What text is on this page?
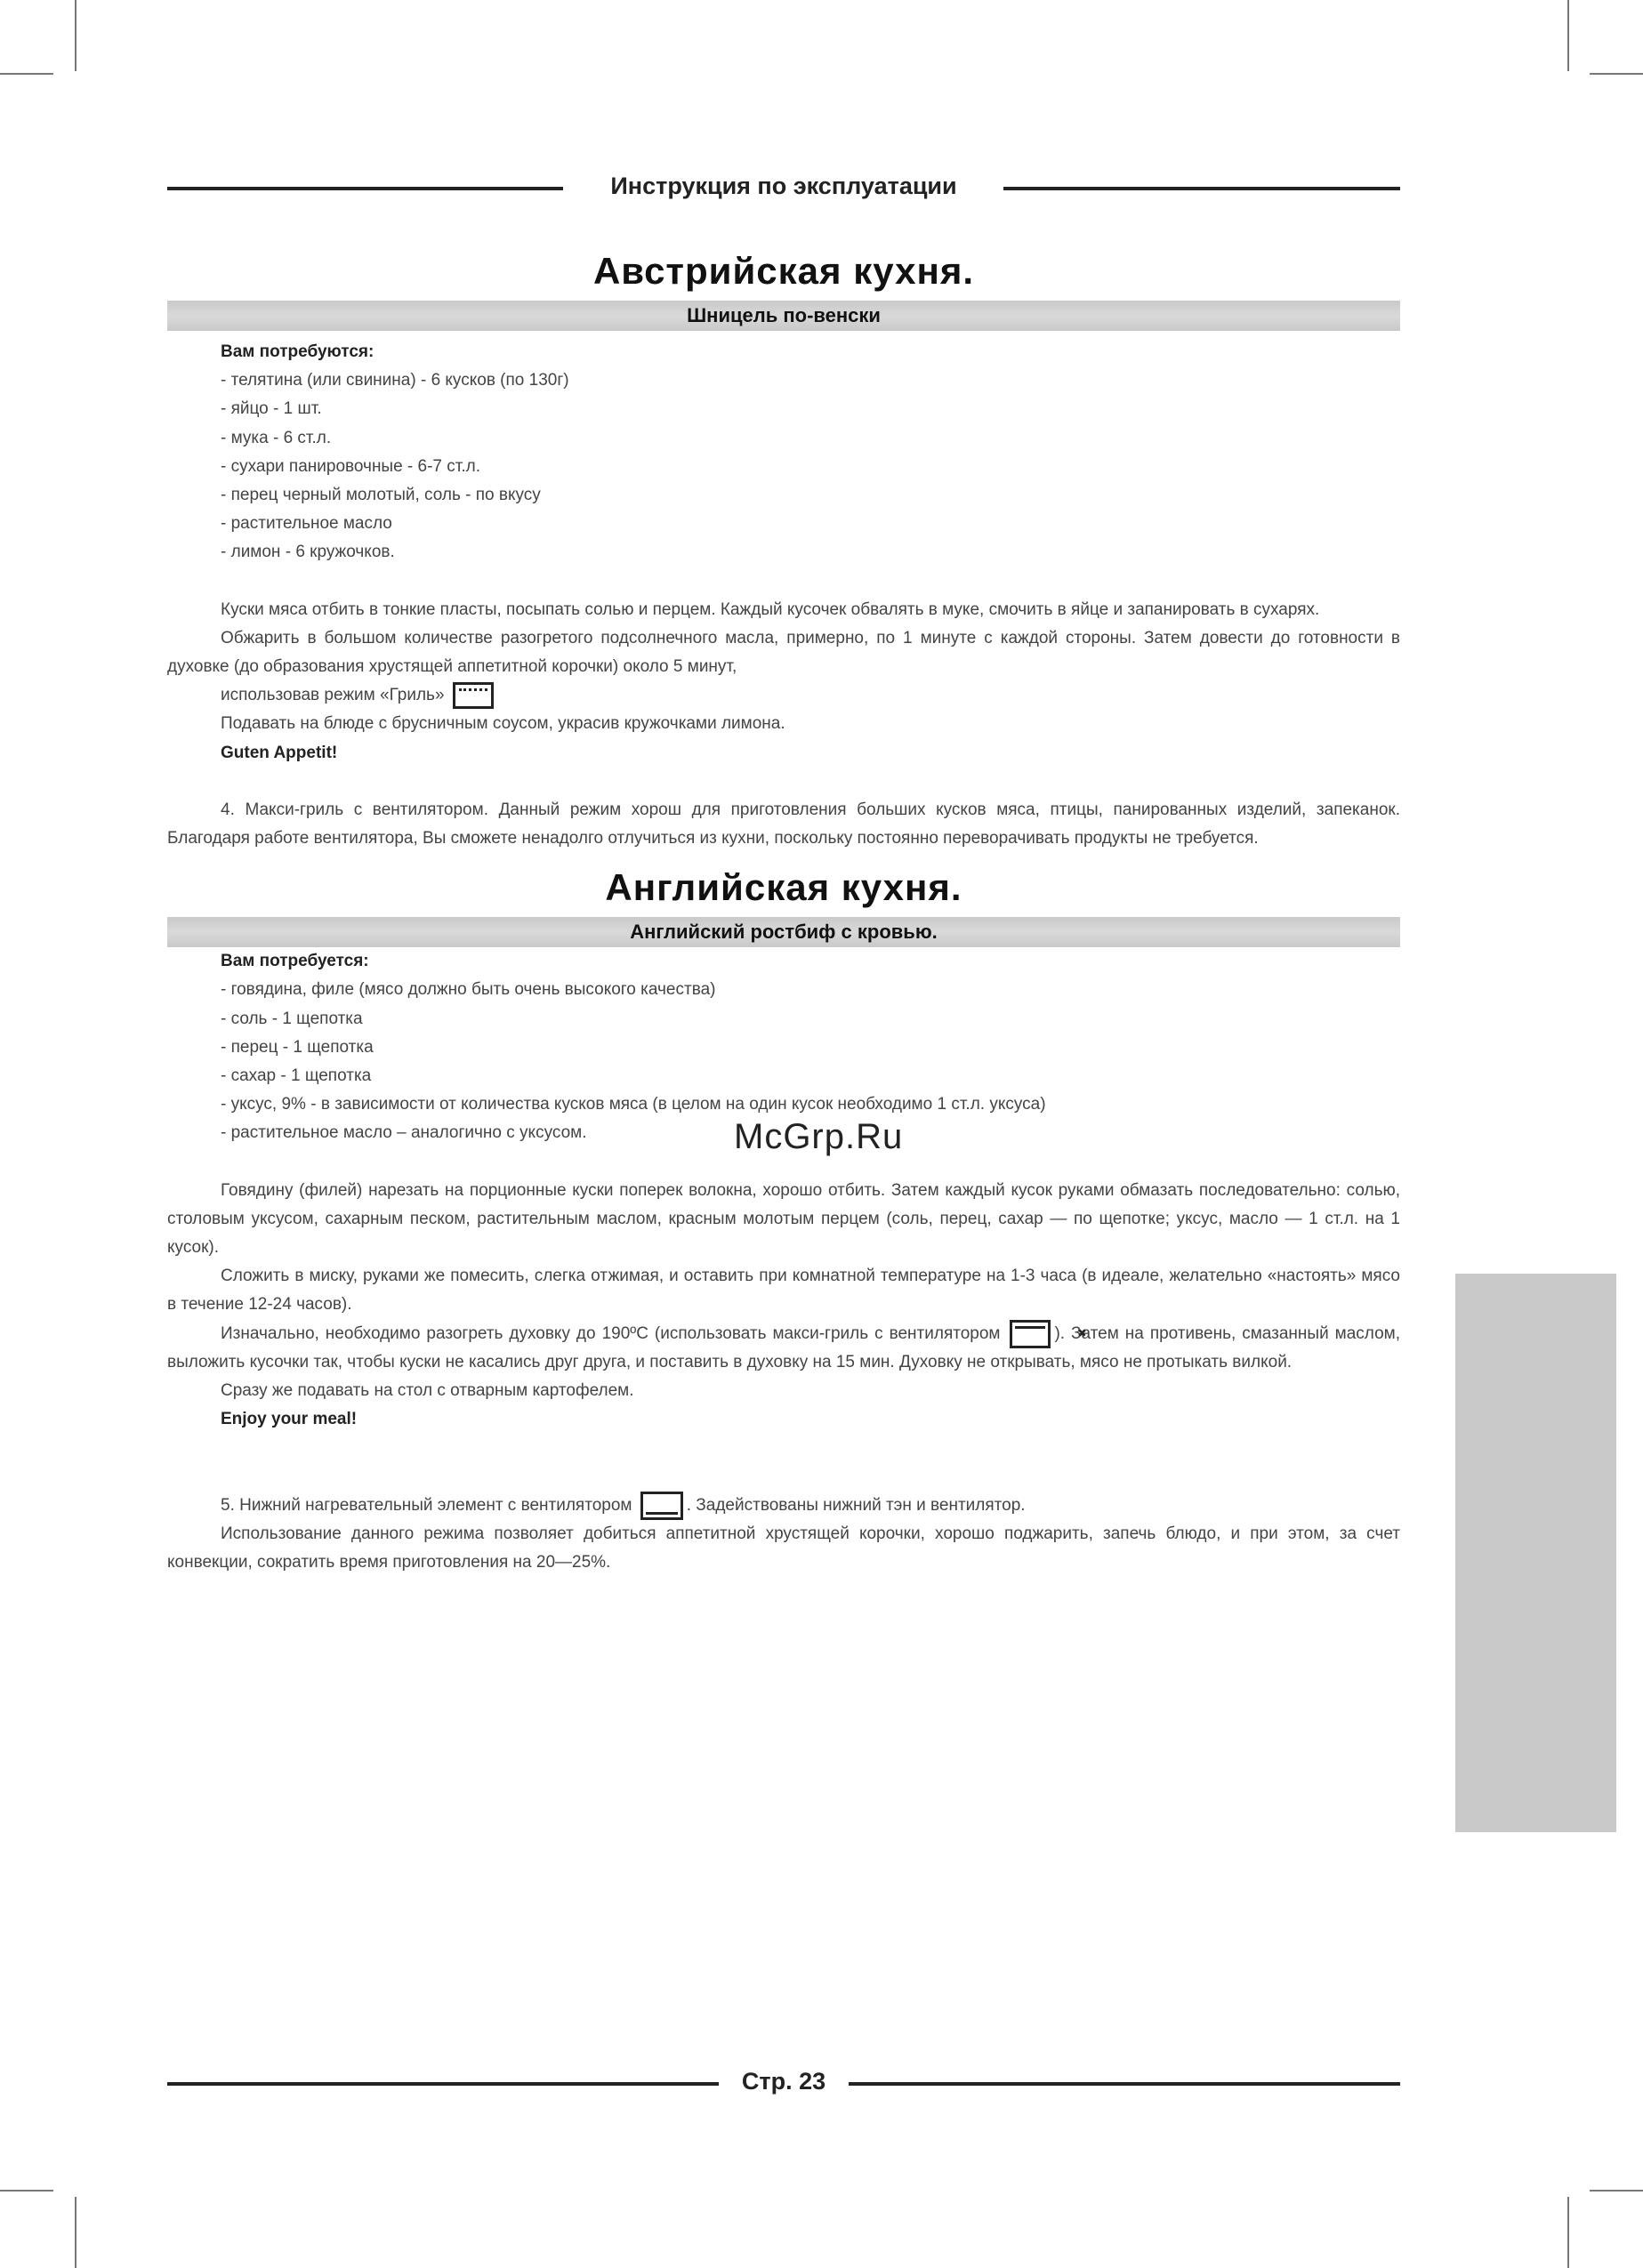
Инструкция по эксплуатации
Австрийская кухня.
Шницель по-венски

Вам потребуются:

- телятина (или свинина) - 6 кусков (по 130г)

- яйцо - 1 шт.

- мука - 6 ст.л.

- сухари панировочные - 6-7 ст.л.

- перец черный молотый, соль - по вкусу

- растительное масло

- лимон - 6 кружочков.

Куски мяса отбить в тонкие пласты, посыпать солью и перцем. Каждый кусочек обвалять в муке, смочить в яйце и запанировать в сухарях.

Обжарить в большом количестве разогретого подсолнечного масла, примерно, по 1 минуте с каждой стороны. Затем довести до готовности в духовке (до образования хрустящей аппетитной корочки) около 5 минут,

использовав режим «Гриль»

Подавать на блюде с брусничным соусом, украсив кружочками лимона.

Guten Appetit!

4. Макси-гриль с вентилятором. Данный режим хорош для приготовления больших кусков мяса, птицы, панированных изделий, запеканок. Благодаря работе вентилятора, Вы сможете ненадолго отлучиться из кухни, поскольку постоянно переворачивать продукты не требуется.

Английская кухня.
Английский ростбиф с кровью.

Вам потребуется:

- говядина, филе (мясо должно быть очень высокого качества)

- соль - 1 щепотка

- перец - 1 щепотка

- сахар - 1 щепотка

- уксус, 9% - в зависимости от количества кусков мяса (в целом на один кусок необходимо 1 ст.л. уксуса)

- растительное масло – аналогично с уксусом.

Говядину (филей) нарезать на порционные куски поперек волокна, хорошо отбить. Затем каждый кусок руками обмазать последовательно: солью, столовым уксусом, сахарным песком, растительным маслом, красным молотым перцем (соль, перец, сахар — по щепотке; уксус, масло — 1 ст.л. на 1 кусок).

Сложить в миску, руками же помесить, слегка отжимая, и оставить при комнатной температуре на 1-3 часа (в идеале, желательно «настоять» мясо в течение 12-24 часов).

Изначально, необходимо разогреть духовку до 190ºС (использовать макси-гриль с вентилятором ✖	). Затем на противень, смазанный маслом, выложить кусочки так, чтобы куски не касались друг друга, и поставить в духовку на 15 мин. Духовку не открывать, мясо не протыкать вилкой.

Сразу же подавать на стол с отварным картофелем.

Enjoy your meal!

5. Нижний нагревательный элемент с вентилятором	. Задействованы нижний тэн и вентилятор.

Использование данного режима позволяет добиться аппетитной хрустящей корочки, хорошо поджарить, запечь блюдо, и при этом, за счет конвекции, сократить время приготовления на 20—25%.

McGrp.Ru
Стр. 23
